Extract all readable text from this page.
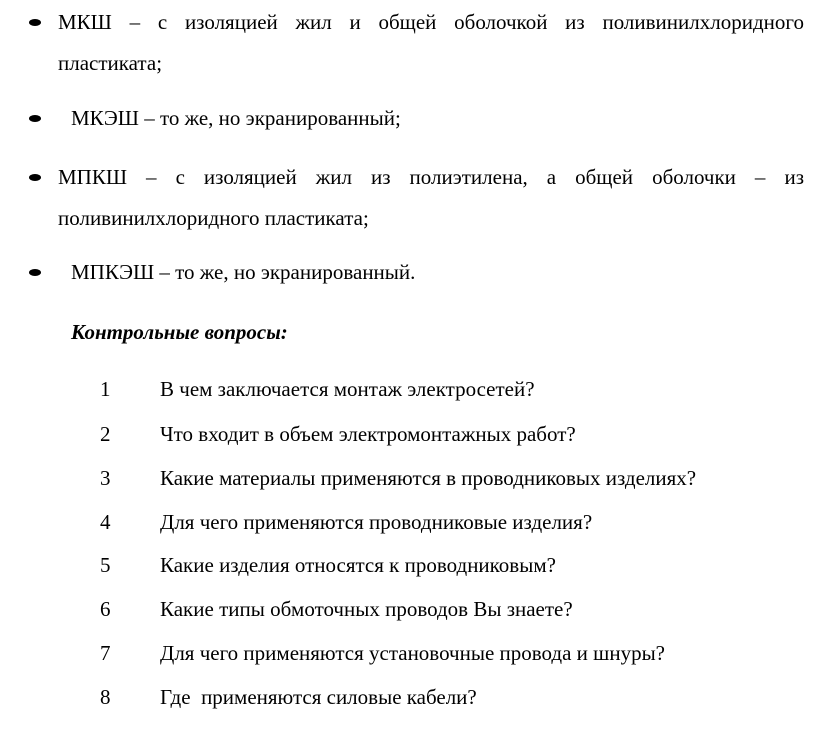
МКШ – с изоляцией жил и общей оболочкой из поливинилхлоридного
пластиката;
МКЭШ – то же, но экранированный;
МПКШ – с изоляцией жил из полиэтилена, а общей оболочки – из
поливинилхлоридного пластиката;
МПКЭШ – то же, но экранированный.
Контрольные вопросы:
1	В чем заключается монтаж электросетей?
2	Что входит в объем электромонтажных работ?
3	Какие материалы применяются в проводниковых изделиях?
4	Для чего применяются проводниковые изделия?
5	Какие изделия относятся к проводниковым?
6	Какие типы обмоточных проводов Вы знаете?
7	Для чего применяются установочные провода и шнуры?
8	Где  применяются силовые кабели?
